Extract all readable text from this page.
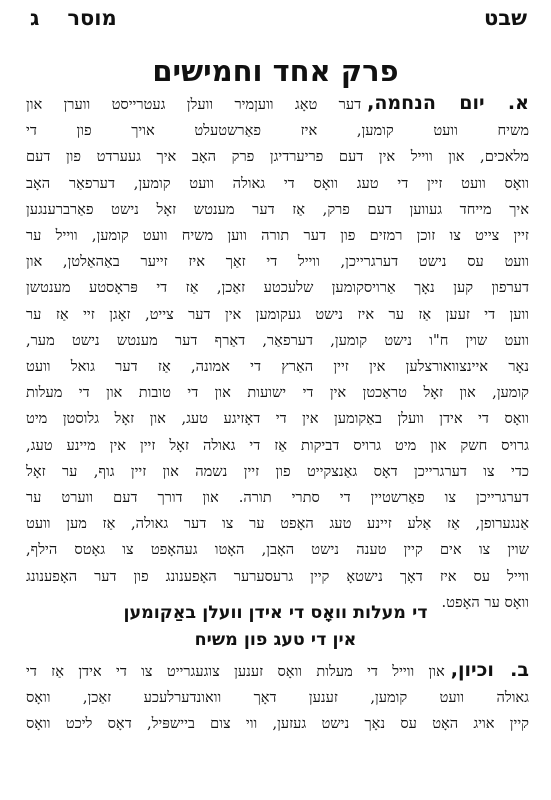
ג מוסר	שבט
פרק אחד וחמישים
א. יום הנחמה,דער טאָג וועןמיר וועלן געטרייסט ווערן און
משיח וועט קומען, איז פאַרשטעלט אויך פון די
מלאכים, און ווייל אין דעם פריערדיגן פרק האָב איך געערדט פון דעם
וואָס וועט זיין די טעג וואָס די גאולה וועט קומען, דערפאַר האָב
איך מייחד געווען דעם פרק, אַז דער מענטש זאָל נישט פאַרברענגען
זיין צייט צו זוכן רמזים פון דער תורה ווען משיח וועט קומען, ווייל ער
וועט עס נישט דערגרייכן, ווייל די זאַך איז זייער באַהאַלטן, און
דערפון קען נאָך אַרויסקומען שלעכטע זאַכן, אַז די פּראָסטע מענטשן
ווען די זעען אַז ער איז נישט געקומען אין דער צייט, זאָגן זיי אַז ער
וועט שוין ח"ו נישט קומען, דערפאַר, דאַרף דער מענטש נישט מער,
נאָר איינצוואורצלען אין זיין האַרץ די אמונה, אַז דער גואל וועט
קומען, און זאָל טראַכטן אין די ישועות און די טובות און די מעלות
וואָס די אידן וועלן באַקומען אין די דאָזיגע טעג, און זאָל גלוסטן מיט
גרויס חשק און מיט גרויס דביקות אַז די גאולה זאָל זיין אין מיינע טעג,
כדי צו דערגרייכן דאָס גאַנצקייט פון זיין נשמה און זיין גוף, ער זאָל
דערגרייכן צו פאַרשטיין די סתרי תורה. און דורך דעם ווערט ער
אַנגערופן, אַז אַלע זיינע טעג האָפט ער צו דער גאולה, אַז מען וועט
שוין צו אים קיין טענה נישט האָבן, האָטו געהאָפט צו גאָטס הילף,
ווייל עס איז דאָך נישטאָ קיין גרעסערער האָפענונג פון דער האָפענונג
וואָס ער האָפט.
די מעלות וואָס די אידן וועלן באַקומען
אין די טעג פון משיח
ב. וכיון,און ווייל די מעלות וואָס זענען צוגעגרייט צו די אידן אַז די
גאולה וועט קומען, זענען דאָך וואונדערלעכע זאַכן, וואָס
קיין אויג האָט עס נאָך נישט געזען, ווי צום ביישפּיל, דאָס ליכט וואָס
